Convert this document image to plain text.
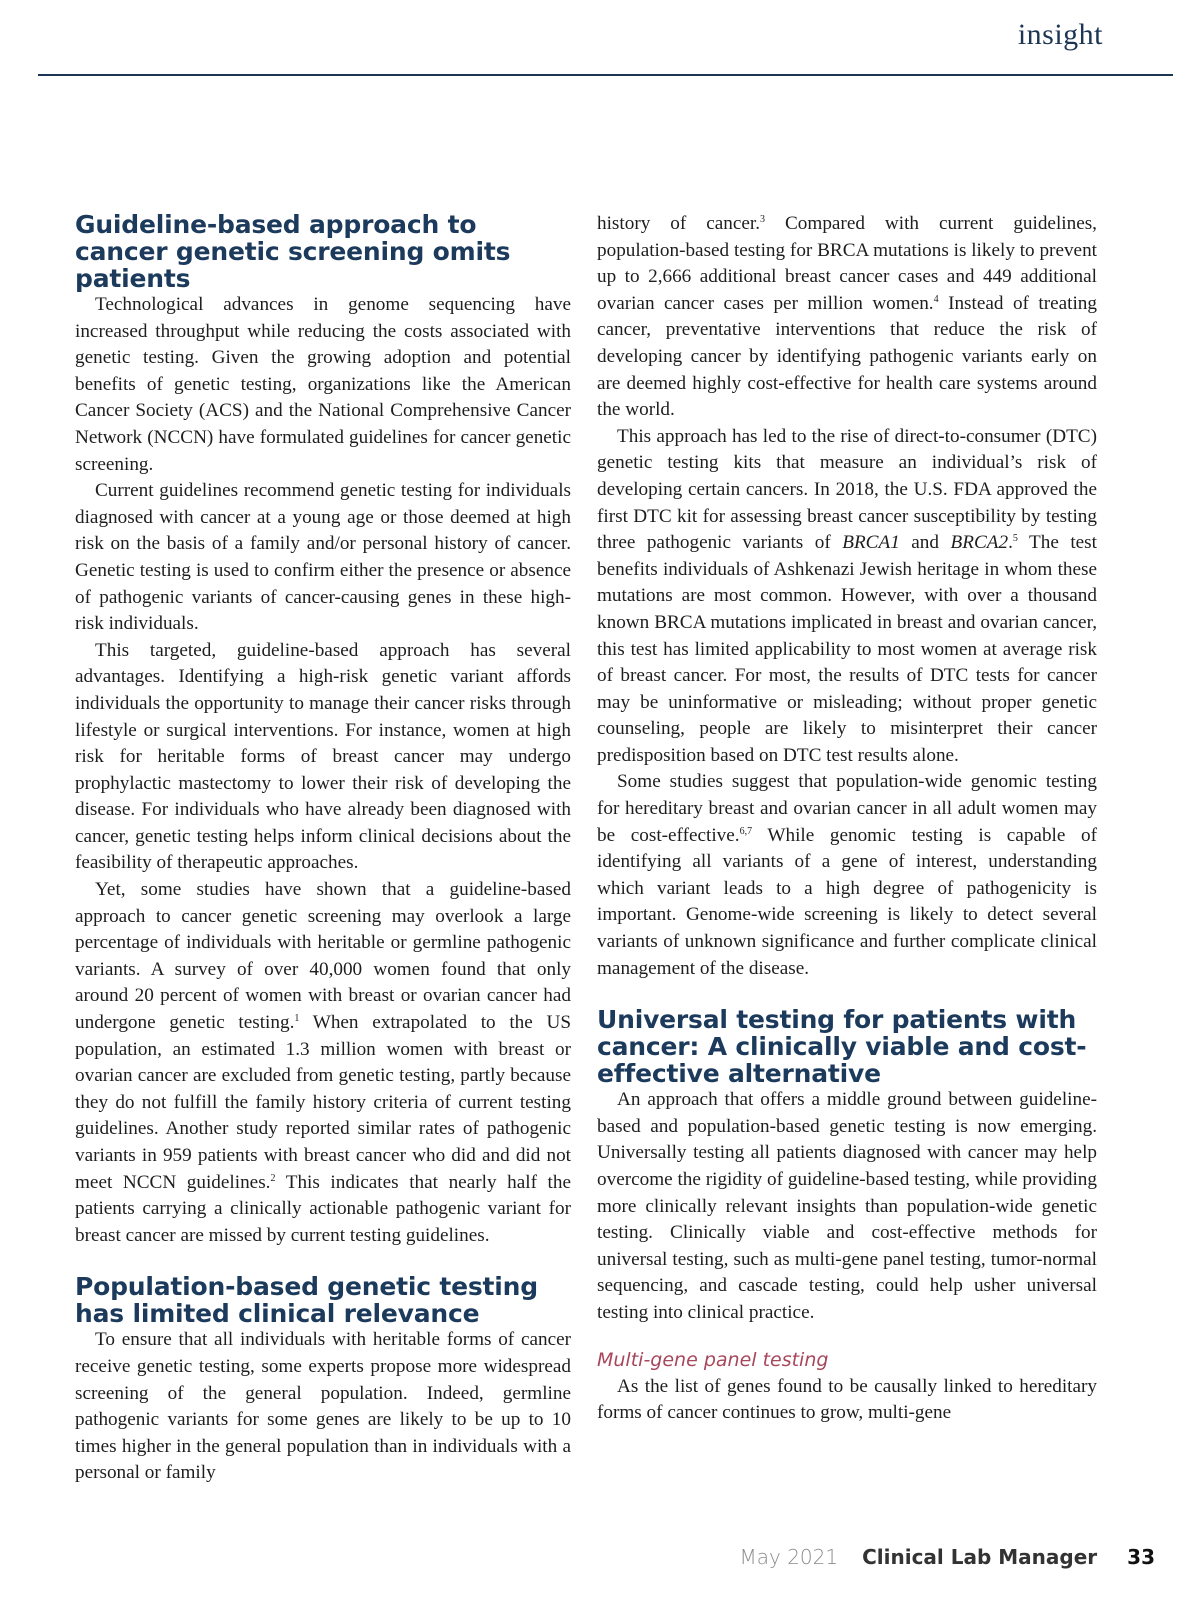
insight
Guideline-based approach to cancer genetic screening omits patients

Technological advances in genome sequencing have increased throughput while reducing the costs associated with genetic testing. Given the growing adoption and potential benefits of genetic testing, organizations like the American Cancer Society (ACS) and the National Comprehensive Cancer Network (NCCN) have formulated guidelines for cancer genetic screening.

Current guidelines recommend genetic testing for individuals diagnosed with cancer at a young age or those deemed at high risk on the basis of a family and/or personal history of cancer. Genetic testing is used to confirm either the presence or absence of pathogenic variants of cancer-causing genes in these high-risk individuals.

This targeted, guideline-based approach has several advantages. Identifying a high-risk genetic variant affords individuals the opportunity to manage their cancer risks through lifestyle or surgical interventions. For instance, women at high risk for heritable forms of breast cancer may undergo prophylactic mastectomy to lower their risk of developing the disease. For individuals who have already been diagnosed with cancer, genetic testing helps inform clinical decisions about the feasibility of therapeutic approaches.

Yet, some studies have shown that a guideline-based approach to cancer genetic screening may overlook a large percentage of individuals with heritable or germline pathogenic variants. A survey of over 40,000 women found that only around 20 percent of women with breast or ovarian cancer had undergone genetic testing.$^1$ When extrapolated to the US population, an estimated 1.3 million women with breast or ovarian cancer are excluded from genetic testing, partly because they do not fulfill the family history criteria of current testing guidelines. Another study reported similar rates of pathogenic variants in 959 patients with breast cancer who did and did not meet NCCN guidelines.$^2$ This indicates that nearly half the patients carrying a clinically actionable pathogenic variant for breast cancer are missed by current testing guidelines.

Population-based genetic testing has limited clinical relevance

To ensure that all individuals with heritable forms of cancer receive genetic testing, some experts propose more widespread screening of the general population. Indeed, germline pathogenic variants for some genes are likely to be up to 10 times higher in the general population than in individuals with a personal or family

history of cancer.$^3$ Compared with current guidelines, population-based testing for BRCA mutations is likely to prevent up to 2,666 additional breast cancer cases and 449 additional ovarian cancer cases per million women.$^4$ Instead of treating cancer, preventative interventions that reduce the risk of developing cancer by identifying pathogenic variants early on are deemed highly cost-effective for health care systems around the world.

This approach has led to the rise of direct-to-consumer (DTC) genetic testing kits that measure an individual’s risk of developing certain cancers. In 2018, the U.S. FDA approved the first DTC kit for assessing breast cancer susceptibility by testing three pathogenic variants of BRCA1 and BRCA2.$^5$ The test benefits individuals of Ashkenazi Jewish heritage in whom these mutations are most common. However, with over a thousand known BRCA mutations implicated in breast and ovarian cancer, this test has limited applicability to most women at average risk of breast cancer. For most, the results of DTC tests for cancer may be uninformative or misleading; without proper genetic counseling, people are likely to misinterpret their cancer predisposition based on DTC test results alone.

Some studies suggest that population-wide genomic testing for hereditary breast and ovarian cancer in all adult women may be cost-effective.$^{6,7}$ While genomic testing is capable of identifying all variants of a gene of interest, understanding which variant leads to a high degree of pathogenicity is important. Genome-wide screening is likely to detect several variants of unknown significance and further complicate clinical management of the disease.

Universal testing for patients with cancer: A clinically viable and cost-effective alternative

An approach that offers a middle ground between guideline-based and population-based genetic testing is now emerging. Universally testing all patients diagnosed with cancer may help overcome the rigidity of guideline-based testing, while providing more clinically relevant insights than population-wide genetic testing. Clinically viable and cost-effective methods for universal testing, such as multi-gene panel testing, tumor-normal sequencing, and cascade testing, could help usher universal testing into clinical practice.

Multi-gene panel testing

As the list of genes found to be causally linked to hereditary forms of cancer continues to grow, multi-gene

May 2021 Clinical Lab Manager 33
